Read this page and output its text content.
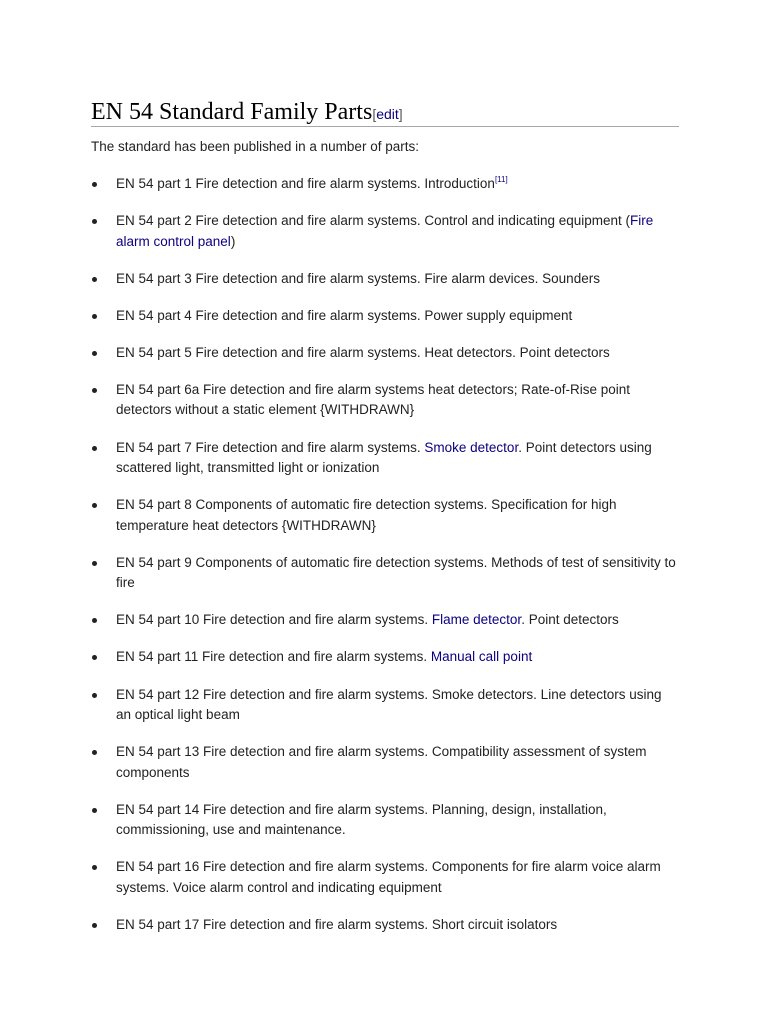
EN 54 Standard Family Parts[edit]
The standard has been published in a number of parts:
EN 54 part 1 Fire detection and fire alarm systems. Introduction[11]
EN 54 part 2 Fire detection and fire alarm systems. Control and indicating equipment (Fire alarm control panel)
EN 54 part 3 Fire detection and fire alarm systems. Fire alarm devices. Sounders
EN 54 part 4 Fire detection and fire alarm systems. Power supply equipment
EN 54 part 5 Fire detection and fire alarm systems. Heat detectors. Point detectors
EN 54 part 6a Fire detection and fire alarm systems heat detectors; Rate-of-Rise point detectors without a static element {WITHDRAWN}
EN 54 part 7 Fire detection and fire alarm systems. Smoke detector. Point detectors using scattered light, transmitted light or ionization
EN 54 part 8 Components of automatic fire detection systems. Specification for high temperature heat detectors {WITHDRAWN}
EN 54 part 9 Components of automatic fire detection systems. Methods of test of sensitivity to fire
EN 54 part 10 Fire detection and fire alarm systems. Flame detector. Point detectors
EN 54 part 11 Fire detection and fire alarm systems. Manual call point
EN 54 part 12 Fire detection and fire alarm systems. Smoke detectors. Line detectors using an optical light beam
EN 54 part 13 Fire detection and fire alarm systems. Compatibility assessment of system components
EN 54 part 14 Fire detection and fire alarm systems. Planning, design, installation, commissioning, use and maintenance.
EN 54 part 16 Fire detection and fire alarm systems. Components for fire alarm voice alarm systems. Voice alarm control and indicating equipment
EN 54 part 17 Fire detection and fire alarm systems. Short circuit isolators
